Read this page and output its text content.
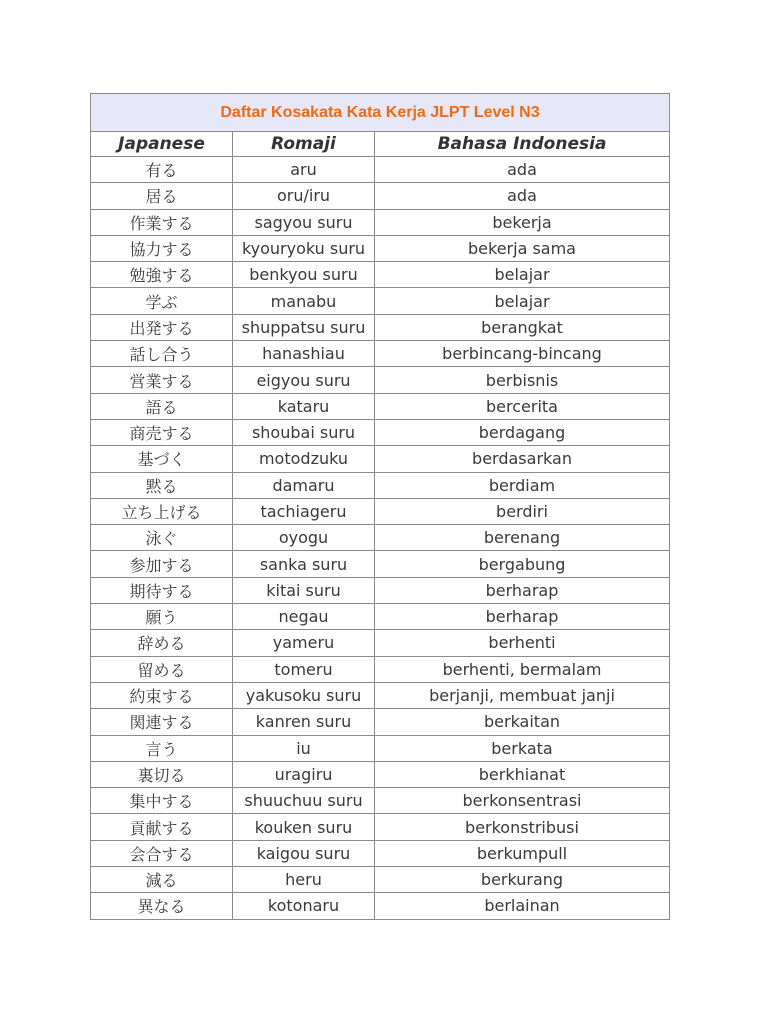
Daftar Kosakata Kata Kerja JLPT Level N3		
Japanese	Romaji	Bahasa Indonesia
有る	aru	ada
居る	oru/iru	ada
作業する	sagyou suru	bekerja
協力する	kyouryoku suru	bekerja sama
勉強する	benkyou suru	belajar
学ぶ	manabu	belajar
出発する	shuppatsu suru	berangkat
話し合う	hanashiau	berbincang-bincang
営業する	eigyou suru	berbisnis
語る	kataru	bercerita
商売する	shoubai suru	berdagang
基づく	motodzuku	berdasarkan
黙る	damaru	berdiam
立ち上げる	tachiageru	berdiri
泳ぐ	oyogu	berenang
参加する	sanka suru	bergabung
期待する	kitai suru	berharap
願う	negau	berharap
辞める	yameru	berhenti
留める	tomeru	berhenti, bermalam
約束する	yakusoku suru	berjanji, membuat janji
関連する	kanren suru	berkaitan
言う	iu	berkata
裏切る	uragiru	berkhianat
集中する	shuuchuu suru	berkonsentrasi
貢献する	kouken suru	berkonstribusi
会合する	kaigou suru	berkumpull
減る	heru	berkurang
異なる	kotonaru	berlainan
